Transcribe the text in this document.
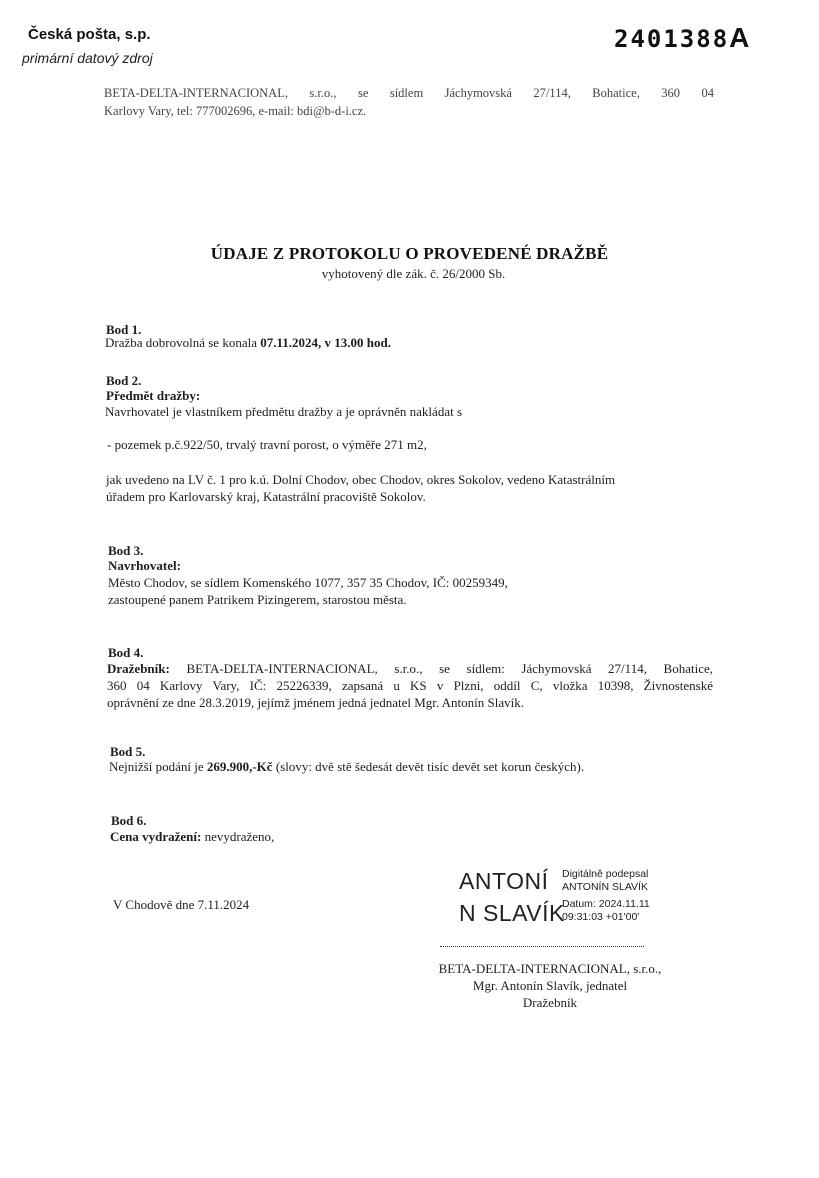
Česká pošta, s.p.
primární datový zdroj
2401388A
BETA-DELTA-INTERNACIONAL, s.r.o., se sídlem Jáchymovská 27/114, Bohatice, 360 04
Karlovy Vary, tel: 777002696, e-mail: bdi@b-d-i.cz.
ÚDAJE Z PROTOKOLU O PROVEDENÉ DRAŽBĚ
vyhotovený dle zák. č. 26/2000 Sb.
Bod 1.
Dražba dobrovolná se konala 07.11.2024, v 13.00 hod.
Bod 2.
Předmět dražby:
Navrhovatel je vlastníkem předmětu dražby a je oprávněn nakládat s
- pozemek p.č.922/50, trvalý travní porost, o výměře 271 m2,
jak uvedeno na LV č. 1 pro k.ú. Dolní Chodov, obec Chodov, okres Sokolov, vedeno Katastrálním
úřadem pro Karlovarský kraj, Katastrální pracoviště Sokolov.
Bod 3.
Navrhovatel:
Město Chodov, se sídlem Komenského 1077, 357 35 Chodov, IČ: 00259349,
zastoupené panem Patrikem Pizingerem, starostou města.
Bod 4.
Dražebník: BETA-DELTA-INTERNACIONAL, s.r.o., se sídlem: Jáchymovská 27/114, Bohatice,
360 04 Karlovy Vary, IČ: 25226339, zapsaná u KS v Plzni, oddíl C, vložka 10398, Živnostenské
oprávnění ze dne 28.3.2019, jejímž jménem jedná jednatel Mgr. Antonín Slavík.
Bod 5.
Nejnižší podání je 269.900,-Kč (slovy: dvě stě šedesát devět tisíc devět set korun českých).
Bod 6.
Cena vydražení: nevydraženo,
V Chodově dne 7.11.2024
ANTONÍ
N SLAVÍK
Digitálně podepsal
ANTONÍN SLAVÍK
Datum: 2024.11.11
09:31:03 +01'00'
BETA-DELTA-INTERNACIONAL, s.r.o.,
Mgr. Antonín Slavík, jednatel
Dražebník
